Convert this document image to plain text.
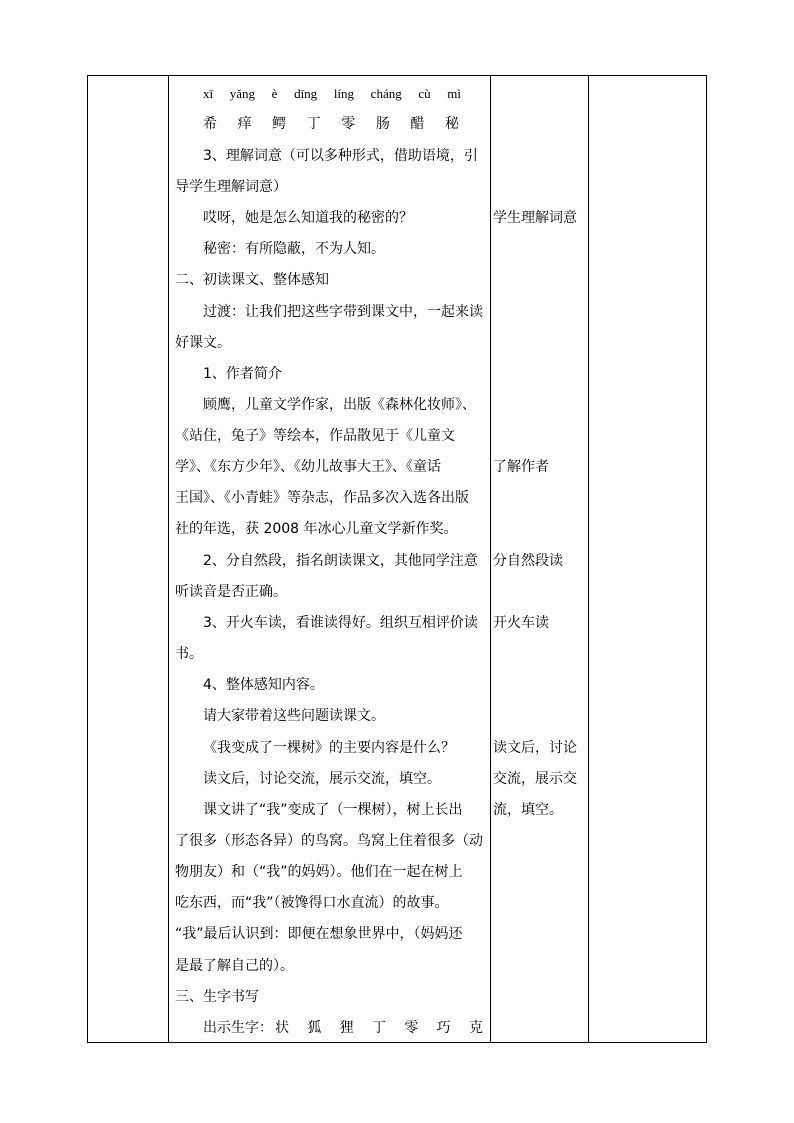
xī yǎng è dīng líng cháng cù mì
希 痒 鳄 丁 零 肠 醋 秘
3、理解词意（可以多种形式，借助语境，引
导学生理解词意）
哎呀，她是怎么知道我的秘密的？
秘密：有所隐蔽，不为人知。
二、初读课文、整体感知
过渡：让我们把这些字带到课文中，一起来读
好课文。
1、作者简介
顾鹰，儿童文学作家，出版《森林化妆师》、
《站住，兔子》等绘本，作品散见于《儿童文
学》、《东方少年》、《幼儿故事大王》、《童话
王国》、《小青蛙》等杂志，作品多次入选各出版
社的年选，获 2008 年冰心儿童文学新作奖。
2、分自然段，指名朗读课文，其他同学注意
听读音是否正确。
3、开火车读，看谁读得好。组织互相评价读
书。
4、整体感知内容。
请大家带着这些问题读课文。
《我变成了一棵树》的主要内容是什么？
读文后，讨论交流，展示交流，填空。
课文讲了“我”变成了（一棵树），树上长出
了很多（形态各异）的鸟窝。鸟窝上住着很多（动
物朋友）和（“我”的妈妈）。他们在一起在树上
吃东西，而“我”（被馋得口水直流）的故事。
“我”最后认识到：即便在想象世界中，（妈妈还
是最了解自己的）。
三、生字书写
出示生字： 状 狐 狸 丁 零 巧 克
学生理解词意
了解作者
分自然段读
开火车读
读文后，讨论
交流，展示交
流，填空。
